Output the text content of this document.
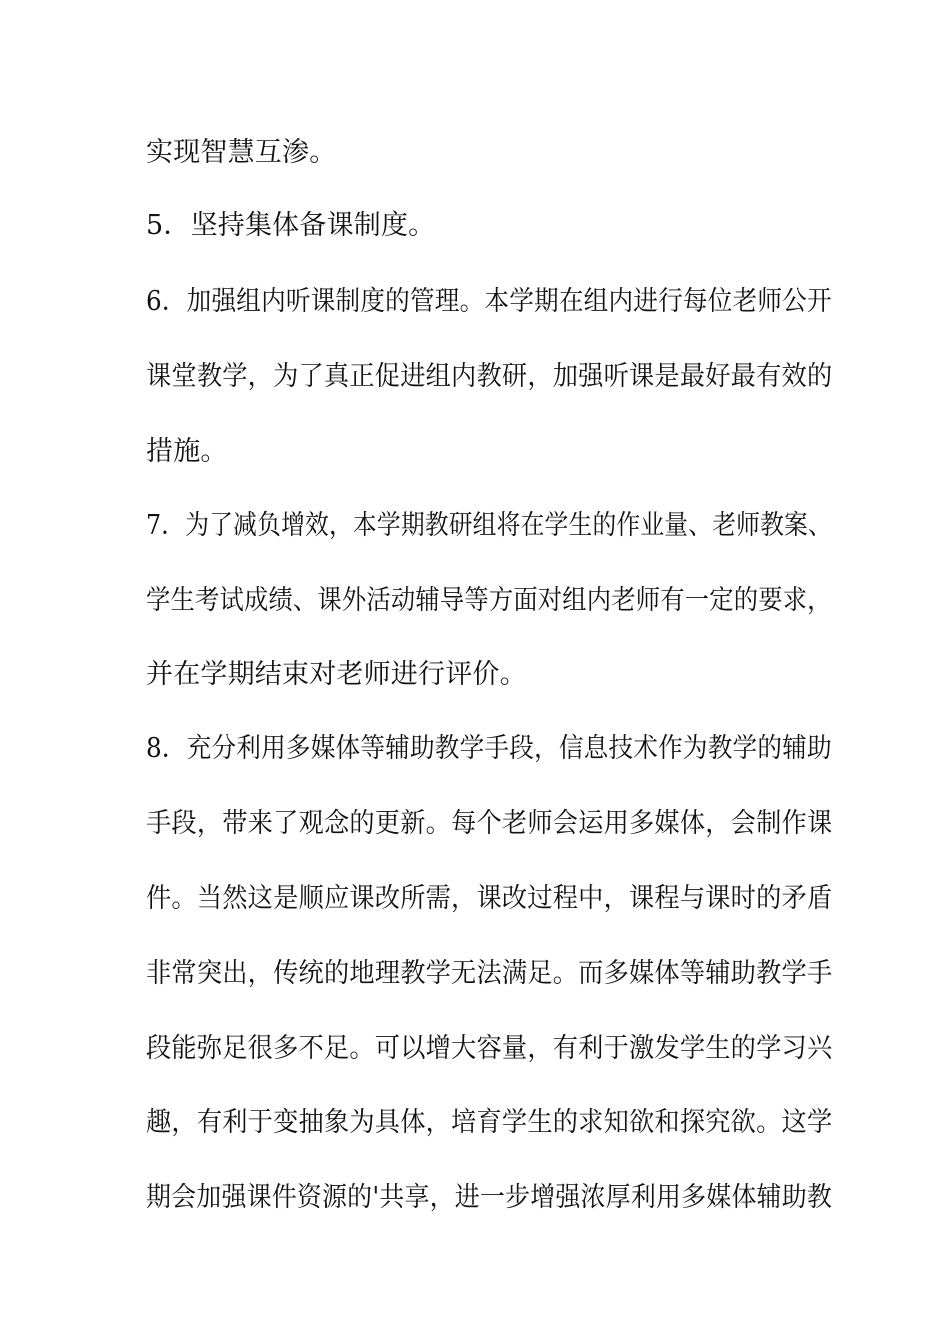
实现智慧互渗。
5．坚持集体备课制度。
6．加强组内听课制度的管理。本学期在组内进行每位老师公开
课堂教学，为了真正促进组内教研，加强听课是最好最有效的
措施。
7．为了减负增效，本学期教研组将在学生的作业量、老师教案、
学生考试成绩、课外活动辅导等方面对组内老师有一定的要求，
并在学期结束对老师进行评价。
8．充分利用多媒体等辅助教学手段，信息技术作为教学的辅助
手段，带来了观念的更新。每个老师会运用多媒体，会制作课
件。当然这是顺应课改所需，课改过程中，课程与课时的矛盾
非常突出，传统的地理教学无法满足。而多媒体等辅助教学手
段能弥足很多不足。可以增大容量，有利于激发学生的学习兴
趣，有利于变抽象为具体，培育学生的求知欲和探究欲。这学
期会加强课件资源的'共享，进一步增强浓厚利用多媒体辅助教
